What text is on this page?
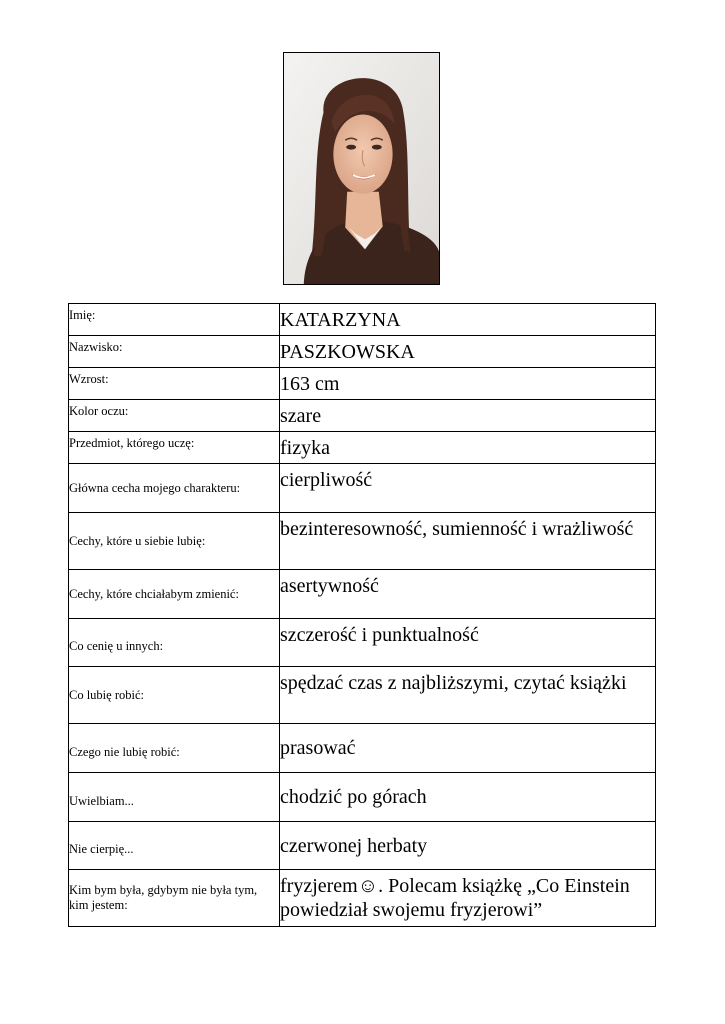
Imię:	KATARZYNA
Nazwisko:	PASZKOWSKA
Wzrost:	163 cm
Kolor oczu:	szare
Przedmiot, którego uczę:	fizyka
Główna cecha mojego charakteru:	cierpliwość
Cechy, które u siebie lubię:	bezinteresowność, sumienność i wrażliwość
Cechy, które chciałabym zmienić:	asertywność
Co cenię u innych:	szczerość i punktualność
Co lubię robić:	spędzać czas z najbliższymi, czytać książki
Czego nie lubię robić:	prasować
Uwielbiam...	chodzić po górach
Nie cierpię...	czerwonej herbaty
Kim bym była, gdybym nie była tym, kim jestem:	fryzjerem☺. Polecam książkę „Co Einstein powiedział swojemu fryzjerowi”
